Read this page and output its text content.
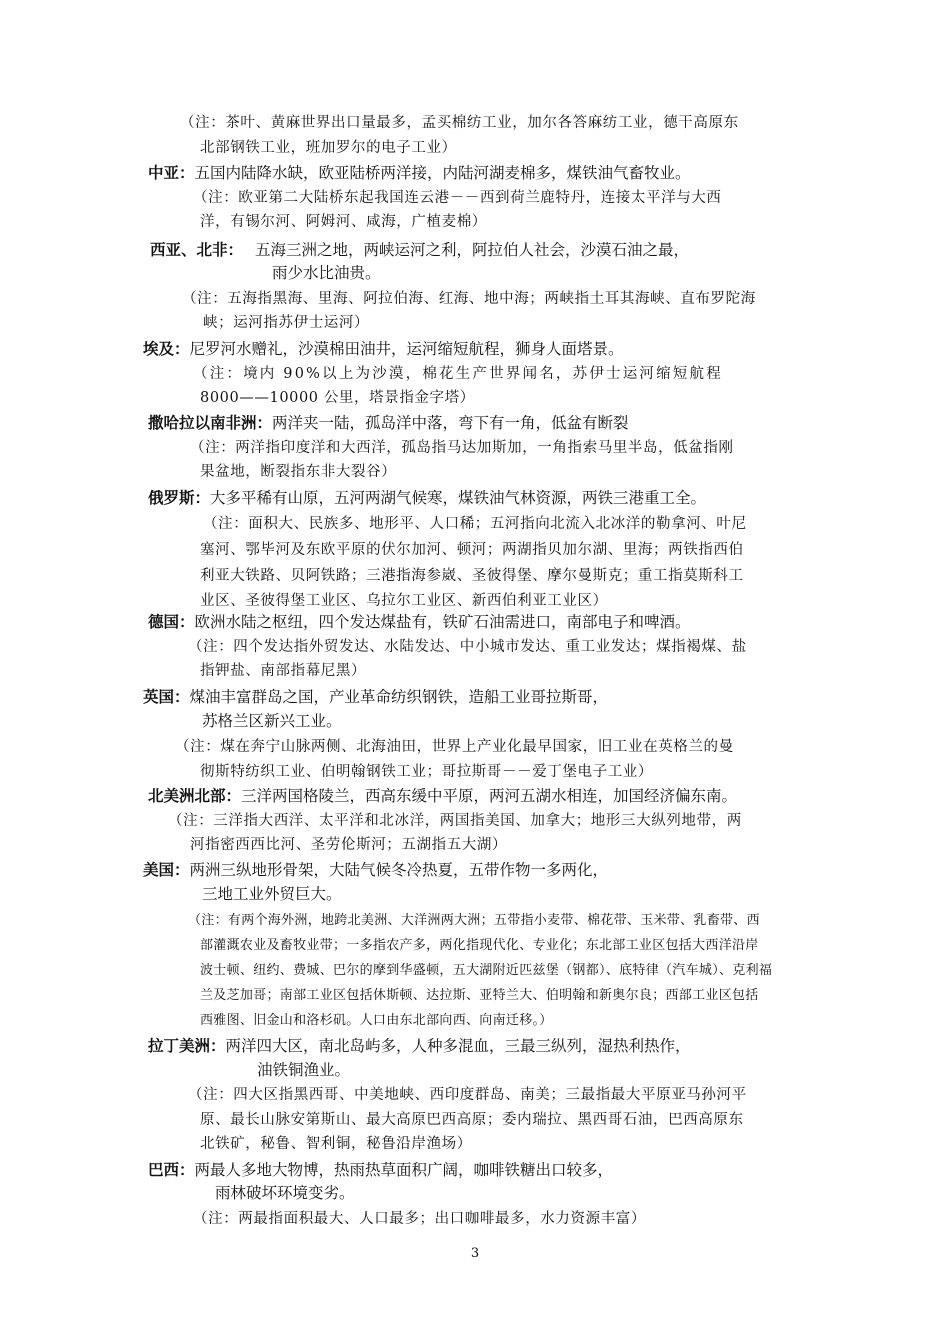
（注：茶叶、黄麻世界出口量最多，孟买棉纺工业，加尔各答麻纺工业，德干高原东
北部钢铁工业，班加罗尔的电子工业）
中亚：五国内陆降水缺，欧亚陆桥两洋接，内陆河湖麦棉多，煤铁油气畜牧业。
（注：欧亚第二大陆桥东起我国连云港－－西到荷兰鹿特丹，连接太平洋与大西
洋，有锡尔河、阿姆河、咸海，广植麦棉）
西亚、北非： 五海三洲之地，两峡运河之利，阿拉伯人社会，沙漠石油之最，
雨少水比油贵。
（注：五海指黑海、里海、阿拉伯海、红海、地中海；两峡指土耳其海峡、直布罗陀海
峡；运河指苏伊士运河）
埃及：尼罗河水赠礼，沙漠棉田油井，运河缩短航程，狮身人面塔景。
（注：境内 90%以上为沙漠，棉花生产世界闻名，苏伊士运河缩短航程
8000——10000 公里，塔景指金字塔）
撒哈拉以南非洲：两洋夹一陆，孤岛洋中落，弯下有一角，低盆有断裂
（注：两洋指印度洋和大西洋，孤岛指马达加斯加，一角指索马里半岛，低盆指刚
果盆地，断裂指东非大裂谷）
俄罗斯：大多平稀有山原，五河两湖气候寒，煤铁油气林资源，两铁三港重工全。
（注：面积大、民族多、地形平、人口稀；五河指向北流入北冰洋的勒拿河、叶尼
塞河、鄂毕河及东欧平原的伏尔加河、顿河；两湖指贝加尔湖、里海；两铁指西伯
利亚大铁路、贝阿铁路；三港指海参崴、圣彼得堡、摩尔曼斯克；重工指莫斯科工
业区、圣彼得堡工业区、乌拉尔工业区、新西伯利亚工业区）
德国：欧洲水陆之枢纽，四个发达煤盐有，铁矿石油需进口，南部电子和啤酒。
（注：四个发达指外贸发达、水陆发达、中小城市发达、重工业发达；煤指褐煤、盐
指钾盐、南部指幕尼黑）
英国：煤油丰富群岛之国，产业革命纺织钢铁，造船工业哥拉斯哥，
苏格兰区新兴工业。
（注：煤在奔宁山脉两侧、北海油田，世界上产业化最早国家，旧工业在英格兰的曼
彻斯特纺织工业、伯明翰钢铁工业；哥拉斯哥－－爱丁堡电子工业）
北美洲北部：三洋两国格陵兰，西高东缓中平原，两河五湖水相连，加国经济偏东南。
（注：三洋指大西洋、太平洋和北冰洋，两国指美国、加拿大；地形三大纵列地带，两
河指密西西比河、圣劳伦斯河；五湖指五大湖）
美国：两洲三纵地形骨架，大陆气候冬冷热夏，五带作物一多两化，
三地工业外贸巨大。
（注：有两个海外洲，地跨北美洲、大洋洲两大洲；五带指小麦带、棉花带、玉米带、乳畜带、西
部灌溉农业及畜牧业带；一多指农产多，两化指现代化、专业化；东北部工业区包括大西洋沿岸
波士顿、纽约、费城、巴尔的摩到华盛顿，五大湖附近匹兹堡（钢都）、底特律（汽车城）、克利福
兰及芝加哥；南部工业区包括休斯顿、达拉斯、亚特兰大、伯明翰和新奥尔良；西部工业区包括
西雅图、旧金山和洛杉矶。人口由东北部向西、向南迁移。）
拉丁美洲：两洋四大区，南北岛屿多，人种多混血，三最三纵列，湿热利热作，
油铁铜渔业。
（注：四大区指黑西哥、中美地峡、西印度群岛、南美；三最指最大平原亚马孙河平
原、最长山脉安第斯山、最大高原巴西高原；委内瑞拉、黑西哥石油，巴西高原东
北铁矿，秘鲁、智利铜，秘鲁沿岸渔场）
巴西：两最人多地大物博，热雨热草面积广阔，咖啡铁糖出口较多，
雨林破坏环境变劣。
（注：两最指面积最大、人口最多；出口咖啡最多，水力资源丰富）
3
